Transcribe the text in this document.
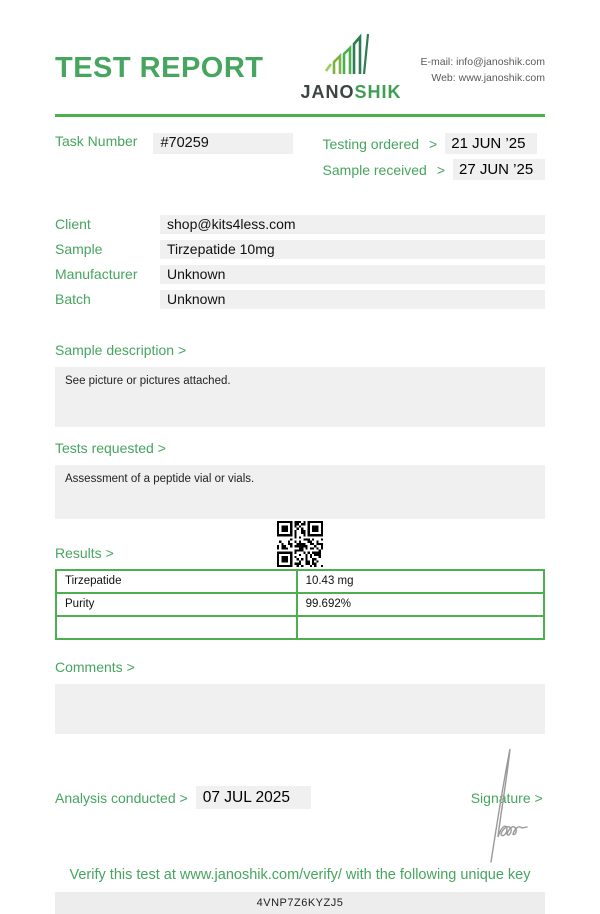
TEST REPORT
JANOSHIK
E-mail: info@janoshik.com
Web: www.janoshik.com
Task Number	#70259	Testing ordered > 21 JUN ’25
Sample received > 27 JUN ’25
Client	shop@kits4less.com
Sample	Tirzepatide 10mg
Manufacturer	Unknown
Batch	Unknown
Sample description >
See picture or pictures attached.
Tests requested >
Assessment of a peptide vial or vials.
Results >
Tirzepatide	10.43 mg
Purity	99.692%
Comments >
Analysis conducted > 07 JUL 2025	Signature >
Verify this test at www.janoshik.com/verify/ with the following unique key
4VNP7Z6KYZJ5
